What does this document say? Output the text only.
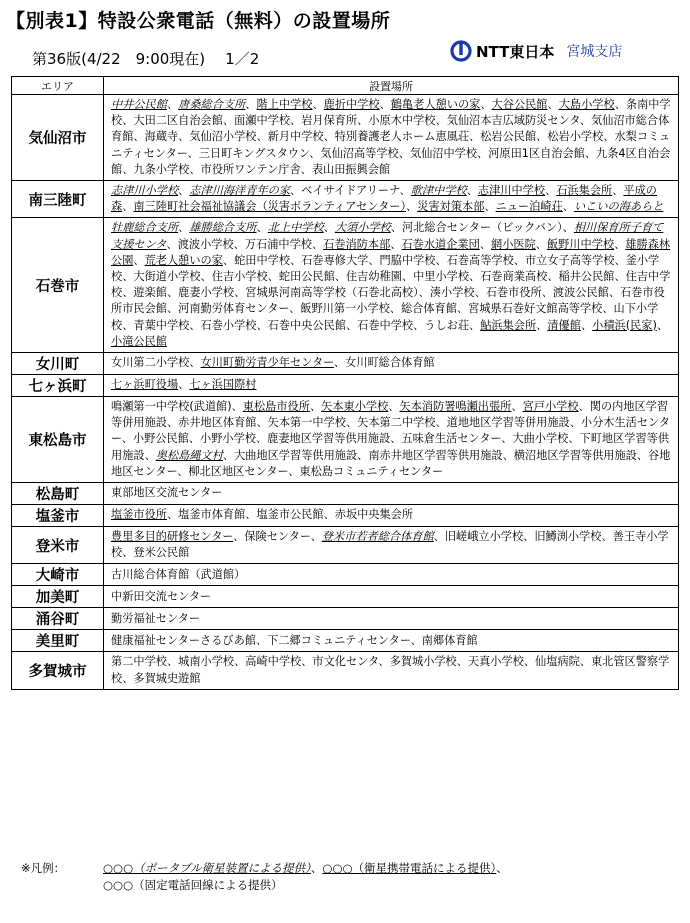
【別表1】特設公衆電話（無料）の設置場所
第36版(4/22　9:00現在) 1／2	NTT東日本 宮城支店
エリア	設置場所
気仙沼市	中井公民館、唐桑総合支所、階上中学校、鹿折中学校、鶴亀老人憩いの家、大谷公民館、大島小学校、条南中学校、大田二区自治会館、面瀬中学校、岩月保育所、小原木中学校、気仙沼本吉広域防災センタ、気仙沼市総合体育館、海蔵寺、気仙沼小学校、新月中学校、特別養護老人ホーム恵風荘、松岩公民館、松岩小学校、水梨コミュニティセンター、三日町キングスタウン、気仙沼高等学校、気仙沼中学校、河原田1区自治会館、九条4区自治会館、九条小学校、市役所ワンテン庁舎、表山田振興会館
南三陸町	志津川小学校、志津川海洋青年の家、ベイサイドアリーナ、歌津中学校、志津川中学校、石浜集会所、平成の森、南三陸町社会福祉協議会（災害ボランティアセンター）、災害対策本部、ニュー泊崎荘、いこいの海あらと
石巻市	牡鹿総合支所、雄勝総合支所、北上中学校、大須小学校、河北総合センター（ビックバン）、相川保育所子育て支援センタ、渡波小学校、万石浦中学校、石巻消防本部、石巻水道企業団、網小医院、飯野川中学校、雄勝森林公園、荒老人憩いの家、蛇田中学校、石巻専修大学、門脇中学校、石巻高等学校、市立女子高等学校、釜小学校、大街道小学校、住吉小学校、蛇田公民館、住吉幼稚園、中里小学校、石巻商業高校、稲井公民館、住吉中学校、遊楽館、鹿妻小学校、宮城県河南高等学校（石巻北高校）、湊小学校、石巻市役所、渡波公民館、石巻市役所市民会館、河南勤労体育センター、飯野川第一小学校、総合体育館、宮城県石巻好文館高等学校、山下小学校、青葉中学校、石巻小学校、石巻中央公民館、石巻中学校、うしお荘、鮎浜集会所、清優館、小積浜(民家)、小滝公民館
女川町	女川第二小学校、女川町勤労青少年センター、女川町総合体育館
七ヶ浜町	七ヶ浜町役場、七ヶ浜国際村
東松島市	鳴瀬第一中学校(武道館)、東松島市役所、矢本東小学校、矢本消防署鳴瀬出張所、宮戸小学校、関の内地区学習等併用施設、赤井地区体育館、矢本第一中学校、矢本第二中学校、道地地区学習等併用施設、小分木生活センター、小野公民館、小野小学校、鹿妻地区学習等供用施設、五味倉生活センター、大曲小学校、下町地区学習等供用施設、奥松島縄文村、大曲地区学習等供用施設、南赤井地区学習等供用施設、横沼地区学習等供用施設、谷地地区センター、柳北区地区センター、東松島コミュニティセンター
松島町	東部地区交流センター
塩釜市	塩釜市役所、塩釜市体育館、塩釜市公民館、赤坂中央集会所
登米市	豊里多目的研修センター、保険センター、登米市若者総合体育館、旧嵯峨立小学校、旧鱒渕小学校、善王寺小学校、登米公民館
大崎市	古川総合体育館（武道館）
加美町	中新田交流センター
涌谷町	勤労福祉センター
美里町	健康福祉センターさるびあ館、下二郷コミュニティセンター、南郷体育館
多賀城市	第二中学校、城南小学校、高崎中学校、市文化センタ、多賀城小学校、天真小学校、仙塩病院、東北管区警察学校、多賀城史遊館
※凡例：	○○○（ポータブル衛星装置による提供）、○○○（衛星携帯電話による提供）、
○○○（固定電話回線による提供）
